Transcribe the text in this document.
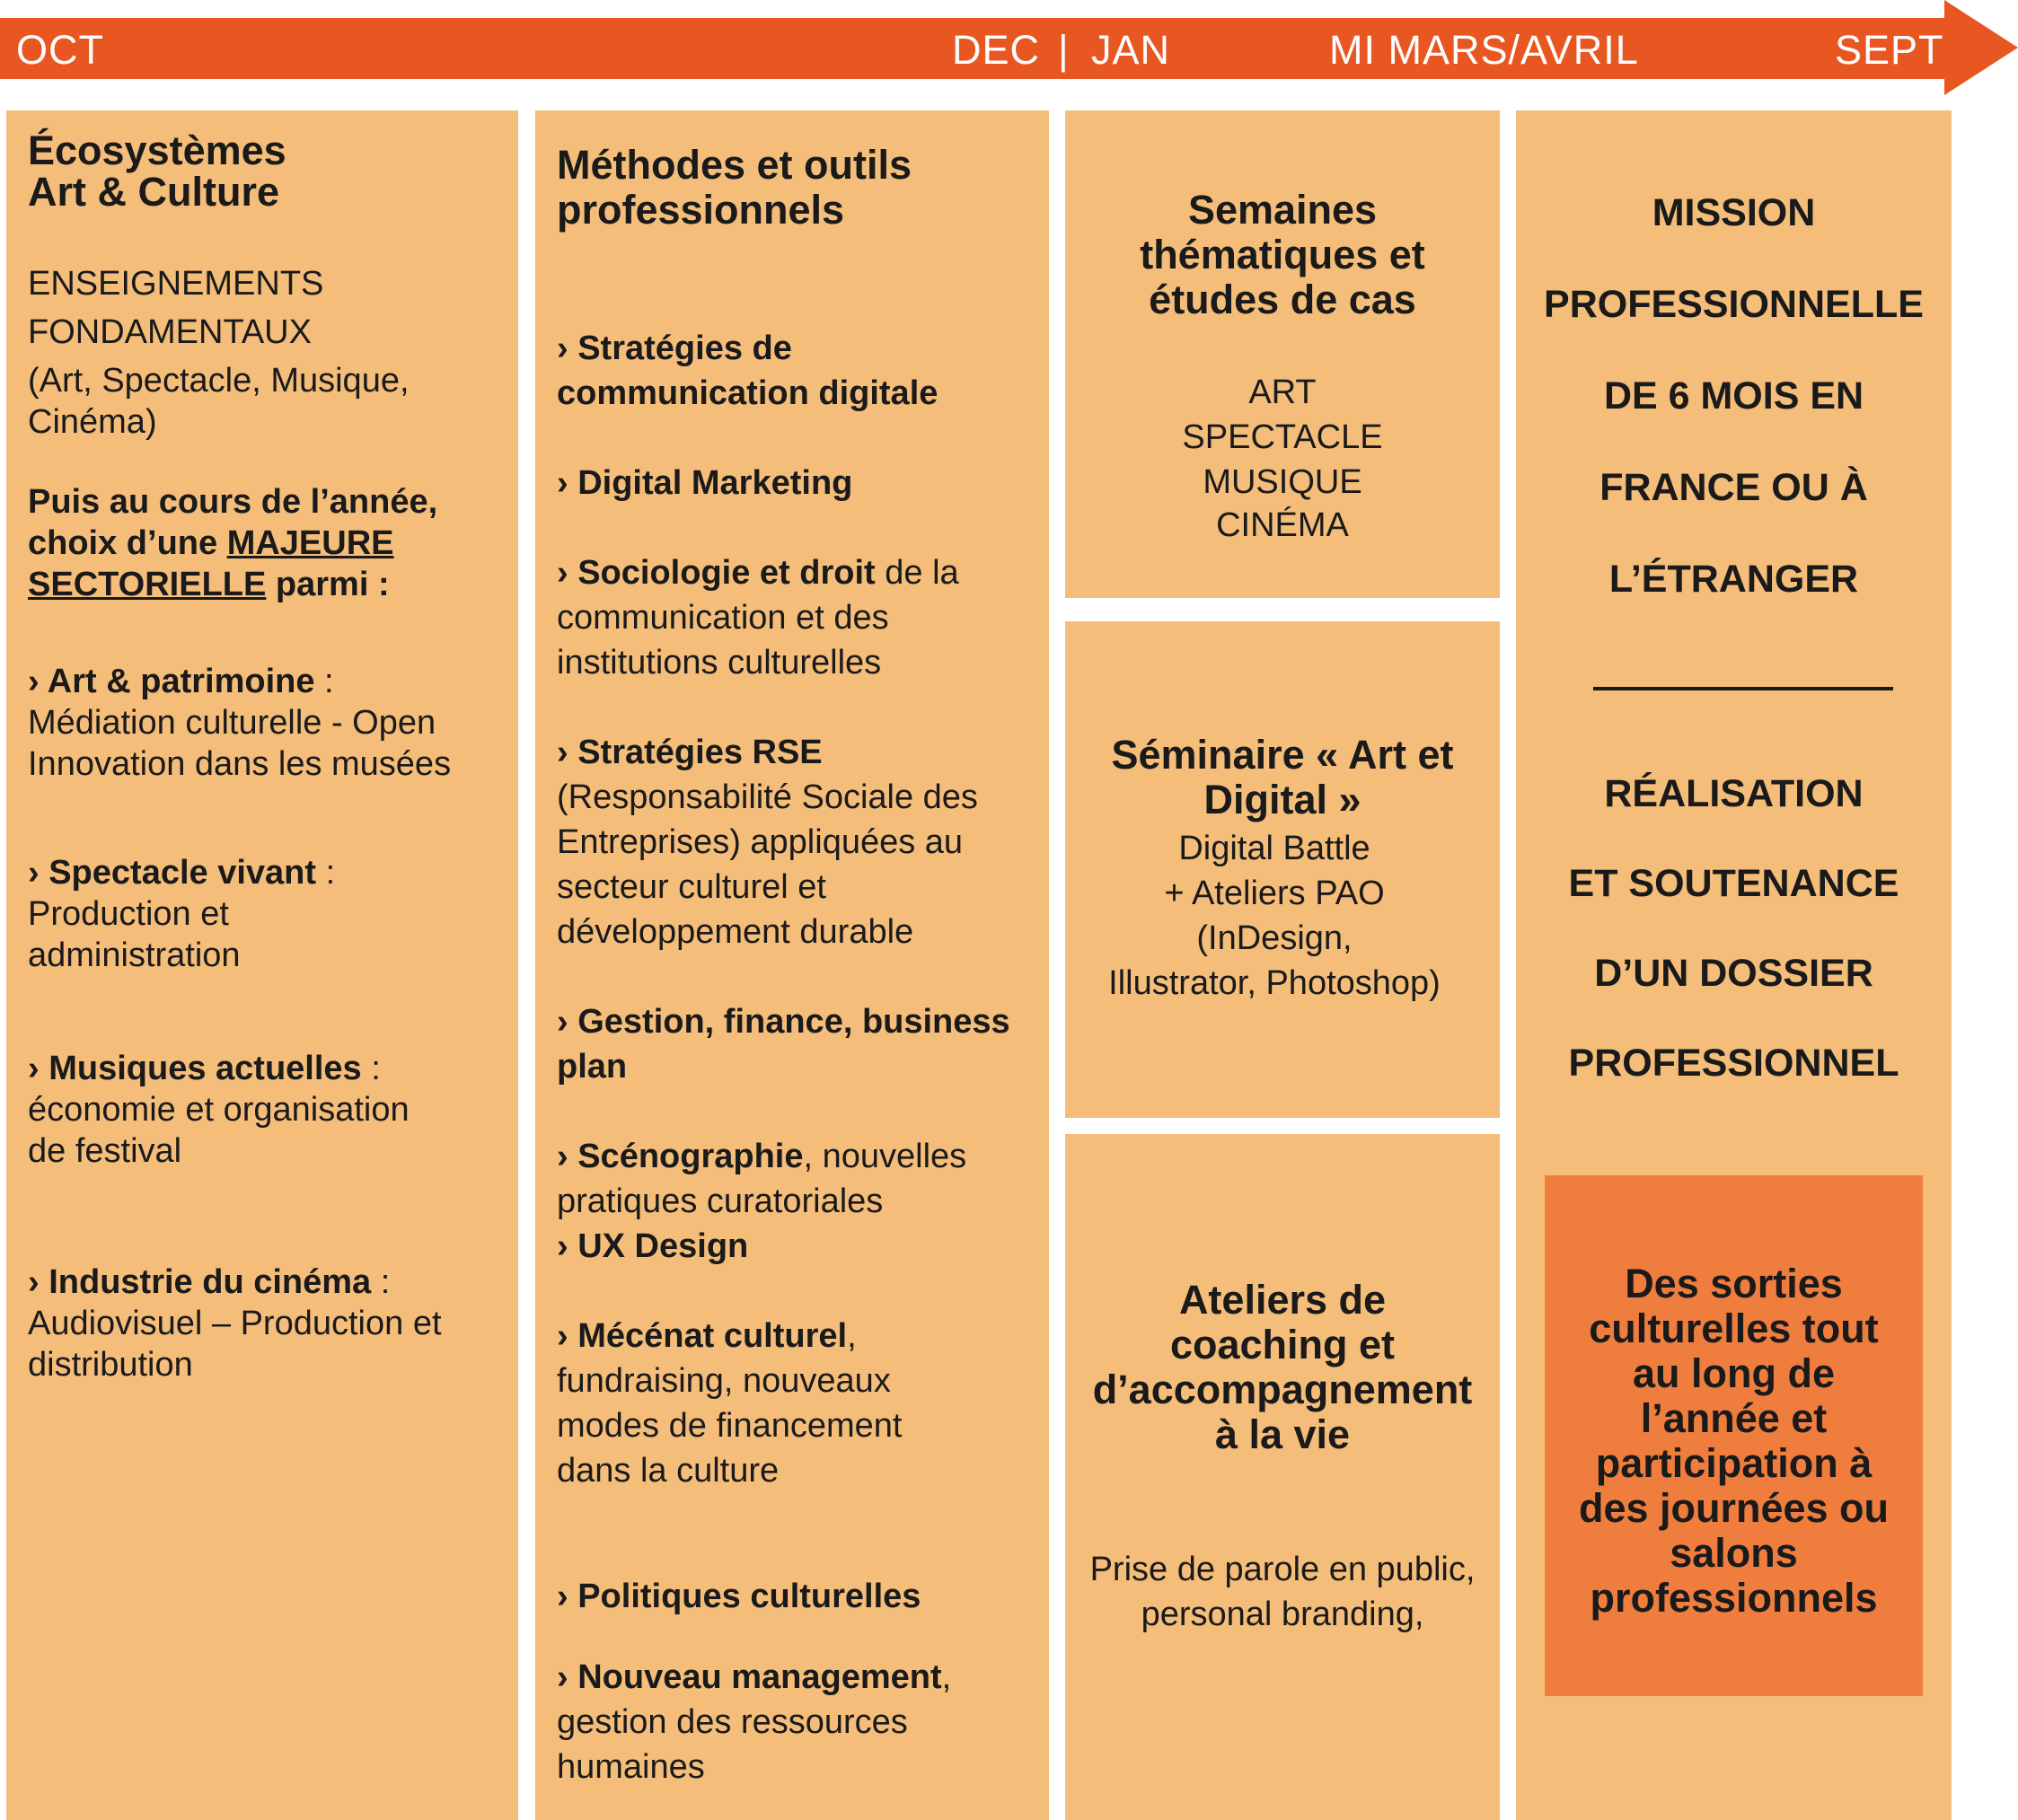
OCT	DEC | JAN	MI MARS/AVRIL	SEPT
Écosystèmes
Art & Culture
ENSEIGNEMENTS
FONDAMENTAUX
(Art, Spectacle, Musique,
Cinéma)
Puis au cours de l’année,
choix d’une MAJEURE
SECTORIELLE parmi :
› Art & patrimoine :
Médiation culturelle - Open
Innovation dans les musées
› Spectacle vivant :
Production et
administration
› Musiques actuelles :
économie et organisation
de festival
› Industrie du cinéma :
Audiovisuel – Production et
distribution
Méthodes et outils
professionnels
› Stratégies de
communication digitale
› Digital Marketing
› Sociologie et droit de la
communication et des
institutions culturelles
› Stratégies RSE
(Responsabilité Sociale des
Entreprises) appliquées au
secteur culturel et
développement durable
› Gestion, finance, business
plan
› Scénographie, nouvelles
pratiques curatoriales
› UX Design
› Mécénat culturel,
fundraising, nouveaux
modes de financement
dans la culture
› Politiques culturelles
› Nouveau management,
gestion des ressources
humaines
Semaines
thématiques et
études de cas
ART
SPECTACLE
MUSIQUE
CINÉMA
Séminaire « Art et
Digital »
Digital Battle
+ Ateliers PAO
(InDesign,
Illustrator, Photoshop)
Ateliers de
coaching et
d’accompagnement
à la vie
Prise de parole en public,
personal branding,
MISSION
PROFESSIONNELLE
DE 6 MOIS EN
FRANCE OU À
L’ÉTRANGER
RÉALISATION
ET SOUTENANCE
D’UN DOSSIER
PROFESSIONNEL
Des sorties
culturelles tout
au long de
l’année et
participation à
des journées ou
salons
professionnels
